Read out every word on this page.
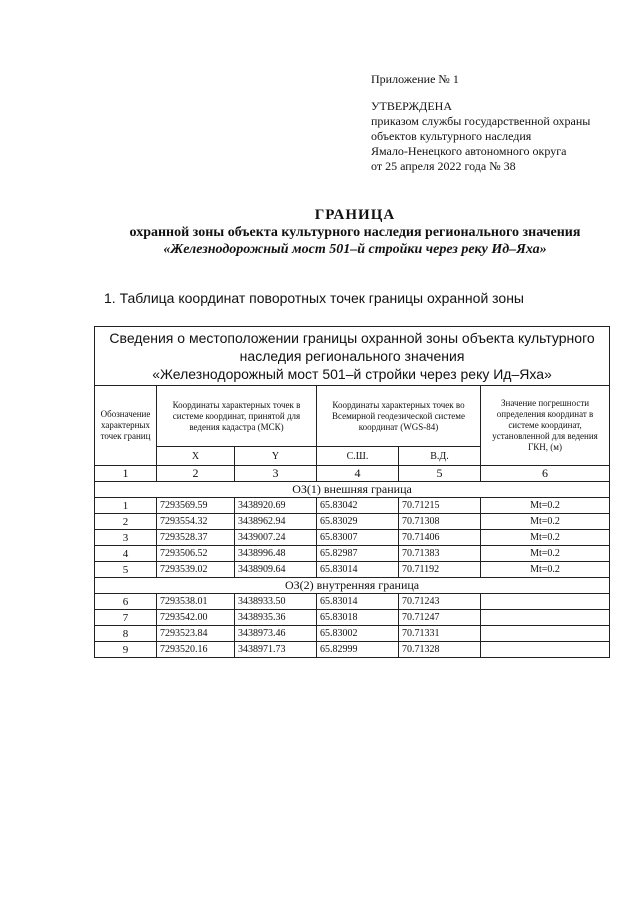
Приложение № 1
УТВЕРЖДЕНА
приказом службы государственной охраны
объектов культурного наследия
Ямало-Ненецкого автономного округа
от 25 апреля 2022 года № 38
ГРАНИЦА
охранной зоны объекта культурного наследия регионального значения
«Железнодорожный мост 501–й стройки через реку Ид–Яха»
1. Таблица координат поворотных точек границы охранной зоны
Сведения о местоположении границы охранной зоны объекта культурного
наследия регионального значения
«Железнодорожный мост 501–й стройки через реку Ид–Яха»					

Обозначение характерных точек границ	Координаты характерных точек в системе координат, принятой для ведения кадастра (МСК)		Координаты характерных точек во Всемирной геодезической системе координат (WGS-84)		Значение погрешности определения координат в системе координат, установленной для ведения ГКН, (м)
	X	Y	С.Ш.	В.Д.	
1	2	3	4	5	6
ОЗ(1) внешняя граница					
1	7293569.59	3438920.69	65.83042	70.71215	Mt=0.2
2	7293554.32	3438962.94	65.83029	70.71308	Mt=0.2
3	7293528.37	3439007.24	65.83007	70.71406	Mt=0.2
4	7293506.52	3438996.48	65.82987	70.71383	Mt=0.2
5	7293539.02	3438909.64	65.83014	70.71192	Mt=0.2
ОЗ(2) внутренняя граница					
6	7293538.01	3438933.50	65.83014	70.71243	
7	7293542.00	3438935.36	65.83018	70.71247	
8	7293523.84	3438973.46	65.83002	70.71331	
9	7293520.16	3438971.73	65.82999	70.71328	
